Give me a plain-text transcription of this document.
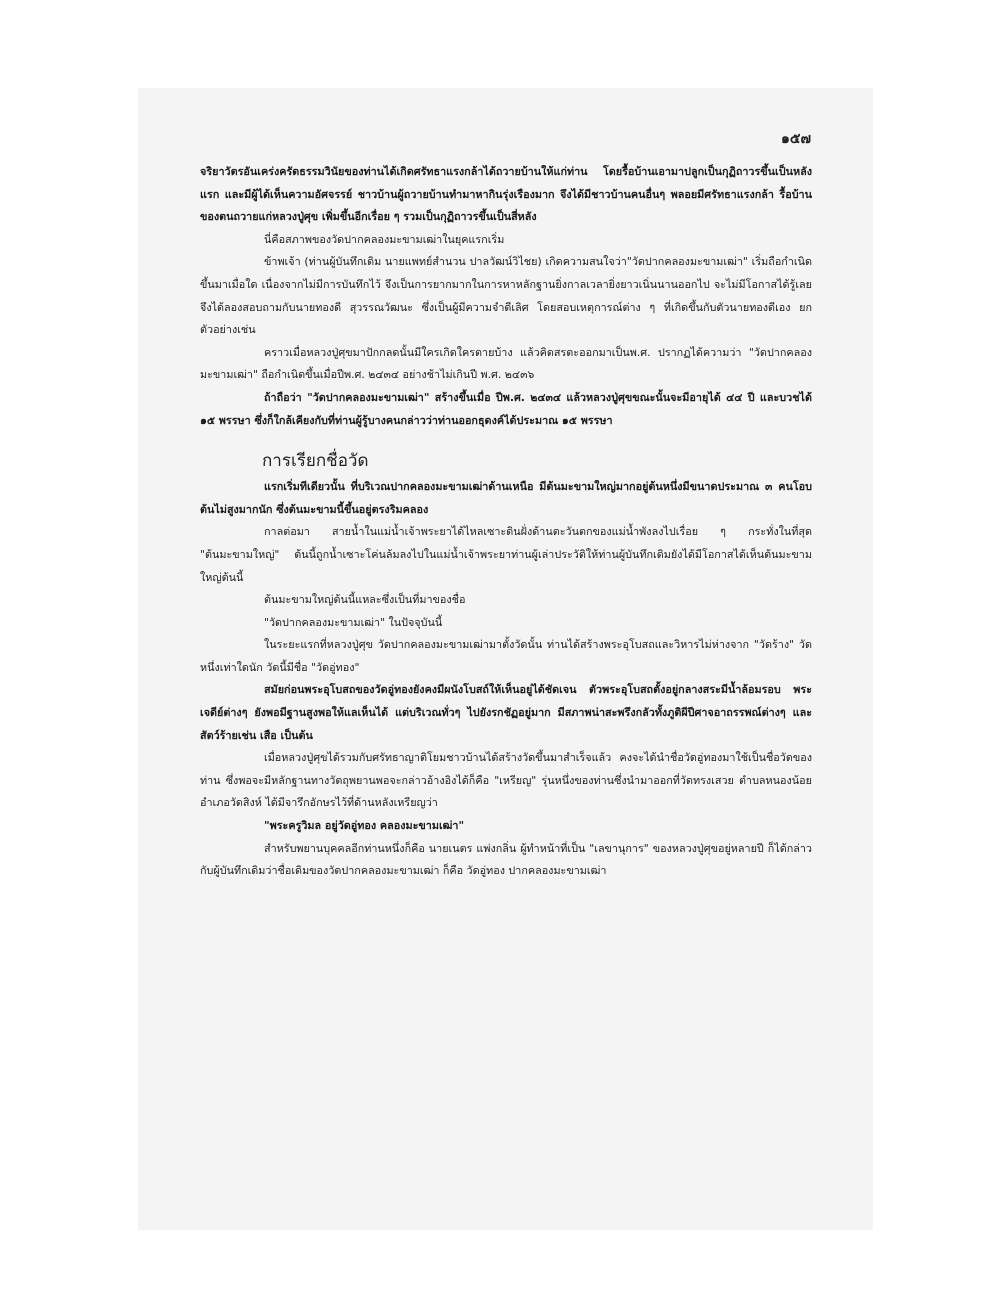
๑๕๗

จริยาวัตรอันเคร่งครัดธรรมวินัยของท่านได้เกิดศรัทธาแรงกล้าได้ถวายบ้านให้แก่ท่าน โดยรื้อบ้านเอามาปลูกเป็นกุฏิถาวรขึ้นเป็นหลังแรก และมีผู้ได้เห็นความอัศจรรย์ ชาวบ้านผู้ถวายบ้านทำมาหากินรุ่งเรืองมาก จึงได้มีชาวบ้านคนอื่นๆ พลอยมีศรัทธาแรงกล้า รื้อบ้านของตนถวายแก่หลวงปู่ศุข เพิ่มขึ้นอีกเรื่อย ๆ รวมเป็นกุฏิถาวรขึ้นเป็นสี่หลัง

นี่คือสภาพของวัดปากคลองมะขามเฒ่าในยุคแรกเริ่ม

ข้าพเจ้า (ท่านผู้บันทึกเดิม นายแพทย์สำนวน ปาลวัฒน์วิไชย) เกิดความสนใจว่า"วัดปากคลองมะขามเฒ่า" เริ่มถือกำเนิดขึ้นมาเมื่อใด เนื่องจากไม่มีการบันทึกไว้ จึงเป็นการยากมากในการหาหลักฐานยิ่งกาลเวลายิ่งยาวเนิ่นนานออกไป จะไม่มีโอกาสได้รู้เลย จึงได้ลองสอบถามกับนายทองดี สุวรรณวัฒนะ ซึ่งเป็นผู้มีความจำดีเลิศ โดยสอบเหตุการณ์ต่าง ๆ ที่เกิดขึ้นกับตัวนายทองดีเอง ยกตัวอย่างเช่น

คราวเมื่อหลวงปู่ศุขมาปักกลดนั้นมีใครเกิดใครตายบ้าง แล้วคิดสรตะออกมาเป็นพ.ศ. ปรากฏได้ความว่า "วัดปากคลองมะขามเฒ่า" ถือกำเนิดขึ้นเมื่อปีพ.ศ. ๒๔๓๔ อย่างช้าไม่เกินปี พ.ศ. ๒๔๓๖

ถ้าถือว่า "วัดปากคลองมะขามเฒ่า" สร้างขึ้นเมื่อ ปีพ.ศ. ๒๔๓๔ แล้วหลวงปู่ศุขขณะนั้นจะมีอายุได้ ๔๔ ปี และบวชได้ ๑๕ พรรษา ซึ่งก็ใกล้เคียงกับที่ท่านผู้รู้บางคนกล่าวว่าท่านออกธุดงค์ได้ประมาณ ๑๕ พรรษา

การเรียกชื่อวัด

แรกเริ่มทีเดียวนั้น ที่บริเวณปากคลองมะขามเฒ่าด้านเหนือ มีต้นมะขามใหญ่มากอยู่ต้นหนึ่งมีขนาดประมาณ ๓ คนโอบ ต้นไม่สูงมากนัก ซึ่งต้นมะขามนี้ขึ้นอยู่ตรงริมคลอง

กาลต่อมา สายน้ำในแม่น้ำเจ้าพระยาได้ไหลเซาะดินฝั่งด้านตะวันตกของแม่น้ำพังลงไปเรื่อย ๆ กระทั่งในที่สุด "ต้นมะขามใหญ่" ต้นนี้ถูกน้ำเซาะโค่นล้มลงไปในแม่น้ำเจ้าพระยาท่านผู้เล่าประวัติให้ท่านผู้บันทึกเดิมยังได้มีโอกาสได้เห็นต้นมะขามใหญ่ต้นนี้

ต้นมะขามใหญ่ต้นนี้แหละซึ่งเป็นที่มาของชื่อ

"วัดปากคลองมะขามเฒ่า" ในปัจจุบันนี้

ในระยะแรกที่หลวงปู่ศุข วัดปากคลองมะขามเฒ่ามาตั้งวัดนั้น ท่านได้สร้างพระอุโบสถและวิหารไม่ห่างจาก "วัดร้าง" วัดหนึ่งเท่าใดนัก วัดนี้มีชื่อ "วัดอู่ทอง"

สมัยก่อนพระอุโบสถของวัดอู่ทองยังคงมีผนังโบสถ์ให้เห็นอยู่ได้ชัดเจน ตัวพระอุโบสถตั้งอยู่กลางสระมีน้ำล้อมรอบ พระเจดีย์ต่างๆ ยังพอมีฐานสูงพอให้แลเห็นได้ แต่บริเวณทั่วๆ ไปยังรกชัฏอยู่มาก มีสภาพน่าสะพรึงกลัวทั้งภูติผีปีศาจอาถรรพณ์ต่างๆ และสัตว์ร้ายเช่น เสือ เป็นต้น

เมื่อหลวงปู่ศุขได้รวมกับศรัทธาญาติโยมชาวบ้านได้สร้างวัดขึ้นมาสำเร็จแล้ว คงจะได้นำชื่อวัดอู่ทองมาใช้เป็นชื่อวัดของท่าน ซึ่งพอจะมีหลักฐานทางวัตถุพยานพอจะกล่าวอ้างอิงได้ก็คือ "เหรียญ" รุ่นหนึ่งของท่านซึ่งนำมาออกที่วัดทรงเสวย ตำบลหนองน้อย อำเภอวัดสิงห์ ได้มีจารึกอักษรไว้ที่ด้านหลังเหรียญว่า

"พระครูวิมล อยู่วัดอู่ทอง คลองมะขามเฒ่า"

สำหรับพยานบุคคลอีกท่านหนึ่งก็คือ นายเนตร แพ่งกลิ่น ผู้ทำหน้าที่เป็น "เลขานุการ" ของหลวงปู่ศุขอยู่หลายปี ก็ได้กล่าวกับผู้บันทึกเดิมว่าชื่อเดิมของวัดปากคลองมะขามเฒ่า ก็คือ วัดอู่ทอง ปากคลองมะขามเฒ่า
